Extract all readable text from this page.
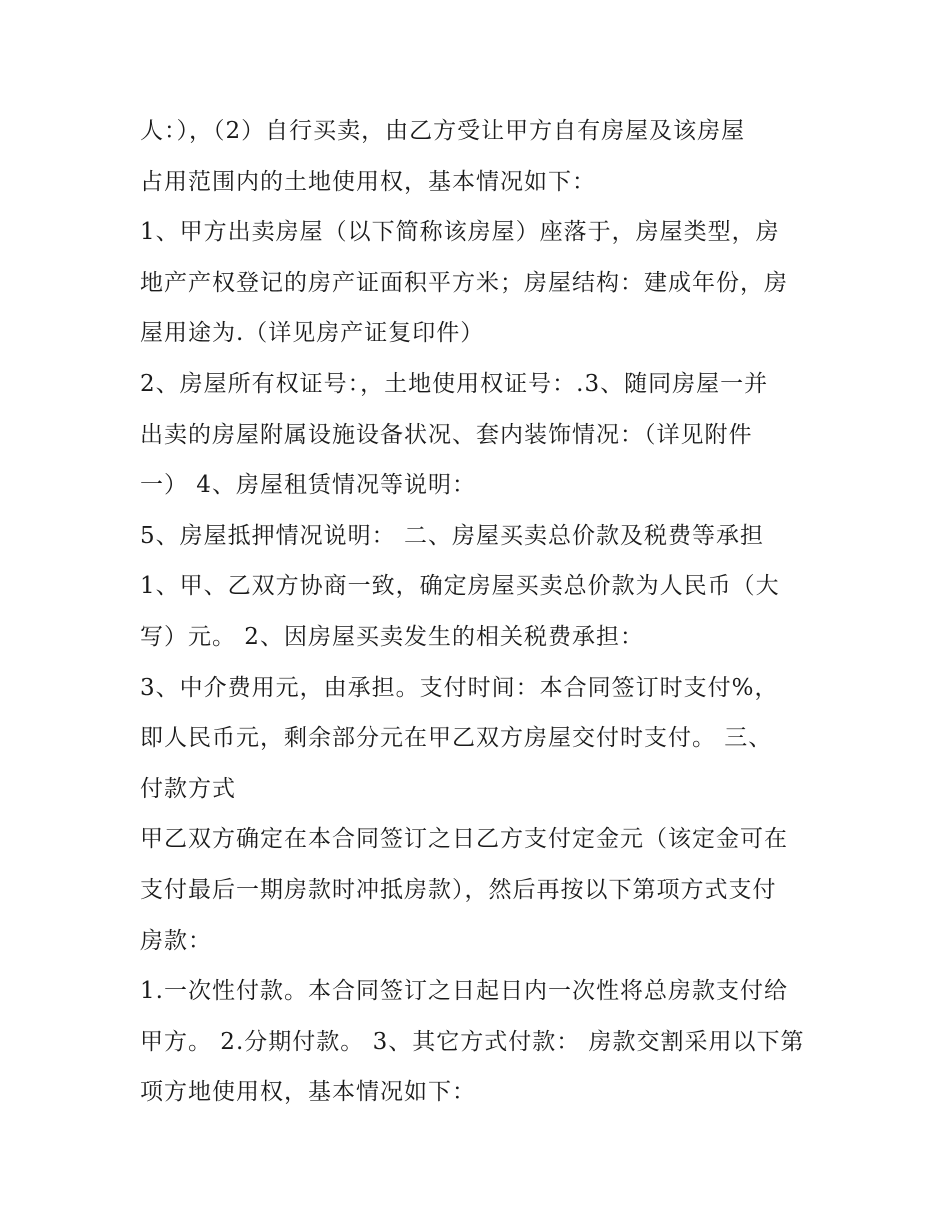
人：），（2）自行买卖，由乙方受让甲方自有房屋及该房屋
占用范围内的土地使用权，基本情况如下：
1、甲方出卖房屋（以下简称该房屋）座落于，房屋类型，房
地产产权登记的房产证面积平方米；房屋结构：建成年份，房
屋用途为.（详见房产证复印件）
2、房屋所有权证号：，土地使用权证号：.3、随同房屋一并
出卖的房屋附属设施设备状况、套内装饰情况：（详见附件
一） 4、房屋租赁情况等说明：
5、房屋抵押情况说明： 二、房屋买卖总价款及税费等承担
1、甲、乙双方协商一致，确定房屋买卖总价款为人民币（大
写）元。 2、因房屋买卖发生的相关税费承担：
3、中介费用元，由承担。支付时间：本合同签订时支付%，
即人民币元，剩余部分元在甲乙双方房屋交付时支付。 三、
付款方式
甲乙双方确定在本合同签订之日乙方支付定金元（该定金可在
支付最后一期房款时冲抵房款），然后再按以下第项方式支付
房款：
1.一次性付款。本合同签订之日起日内一次性将总房款支付给
甲方。 2.分期付款。 3、其它方式付款： 房款交割采用以下第
项方地使用权，基本情况如下：
